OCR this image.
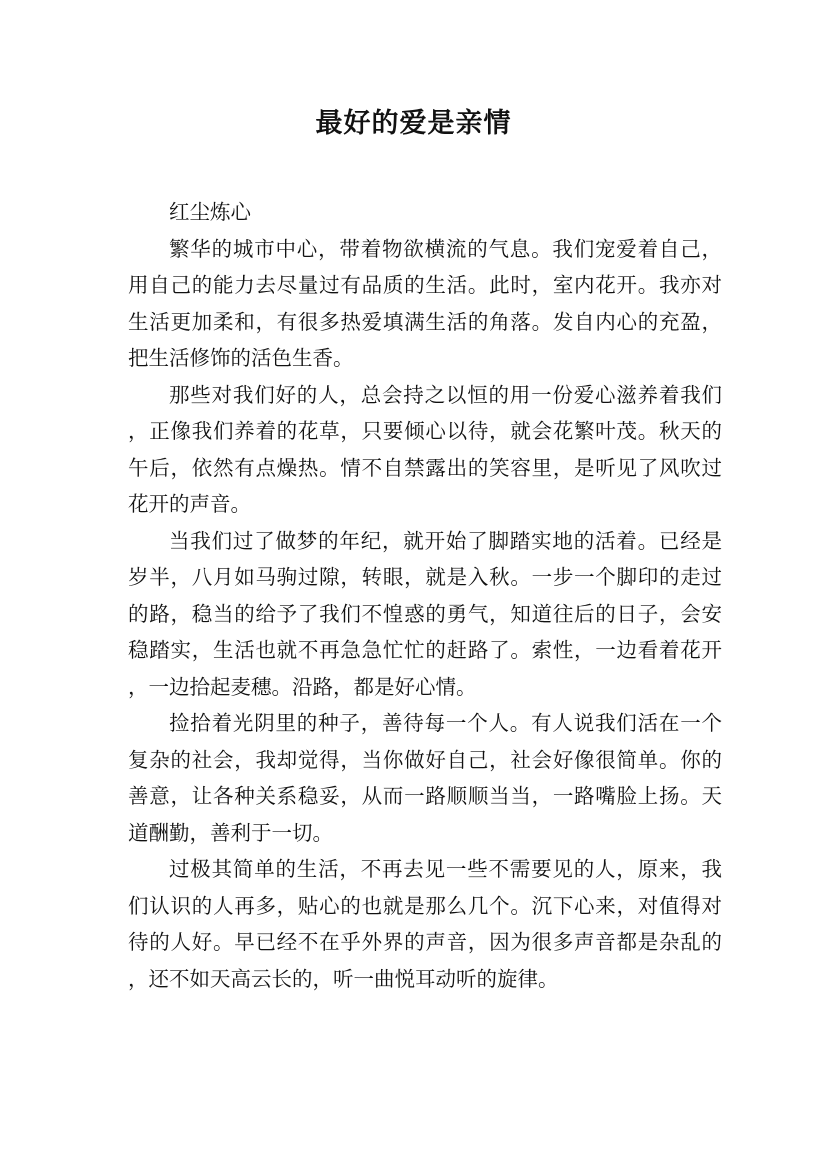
最好的爱是亲情

红尘炼心

繁华的城市中心，带着物欲横流的气息。我们宠爱着自己，用自己的能力去尽量过有品质的生活。此时，室内花开。我亦对生活更加柔和，有很多热爱填满生活的角落。发自内心的充盈，把生活修饰的活色生香。

那些对我们好的人，总会持之以恒的用一份爱心滋养着我们，正像我们养着的花草，只要倾心以待，就会花繁叶茂。秋天的午后，依然有点燥热。情不自禁露出的笑容里，是听见了风吹过花开的声音。

当我们过了做梦的年纪，就开始了脚踏实地的活着。已经是岁半，八月如马驹过隙，转眼，就是入秋。一步一个脚印的走过的路，稳当的给予了我们不惶惑的勇气，知道往后的日子，会安稳踏实，生活也就不再急急忙忙的赶路了。索性，一边看着花开，一边拾起麦穗。沿路，都是好心情。

捡拾着光阴里的种子，善待每一个人。有人说我们活在一个复杂的社会，我却觉得，当你做好自己，社会好像很简单。你的善意，让各种关系稳妥，从而一路顺顺当当，一路嘴脸上扬。天道酬勤，善利于一切。

过极其简单的生活，不再去见一些不需要见的人，原来，我们认识的人再多，贴心的也就是那么几个。沉下心来，对值得对待的人好。早已经不在乎外界的声音，因为很多声音都是杂乱的，还不如天高云长的，听一曲悦耳动听的旋律。
